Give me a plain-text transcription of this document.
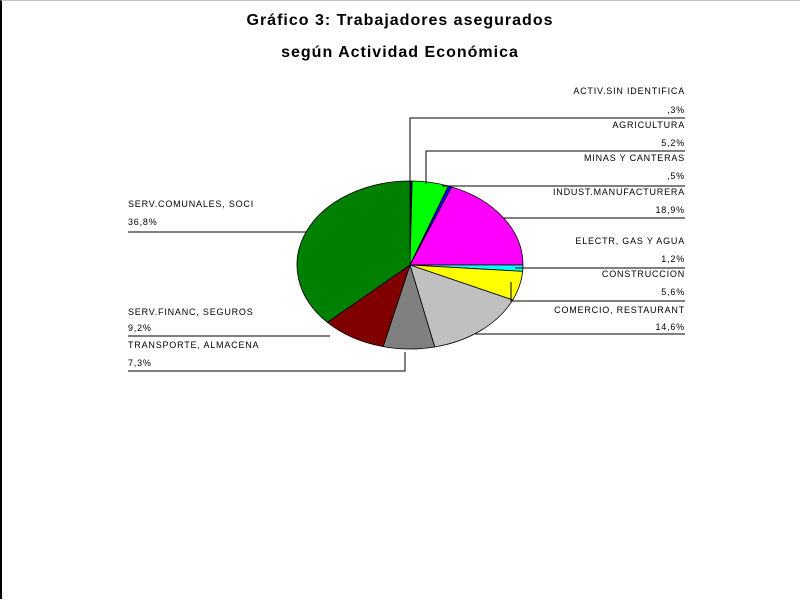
Gráfico 3: Trabajadores asegurados
según Actividad Económica
ACTIV.SIN IDENTIFICA
,3%
AGRICULTURA
5,2%
MINAS Y CANTERAS
,5%
INDUST.MANUFACTURERA
18,9%
ELECTR, GAS Y AGUA
1,2%
CONSTRUCCION
5,6%
COMERCIO, RESTAURANT
14,6%
TRANSPORTE, ALMACENA
7,3%
SERV.FINANC, SEGUROS
9,2%
SERV.COMUNALES, SOCI
36,8%
